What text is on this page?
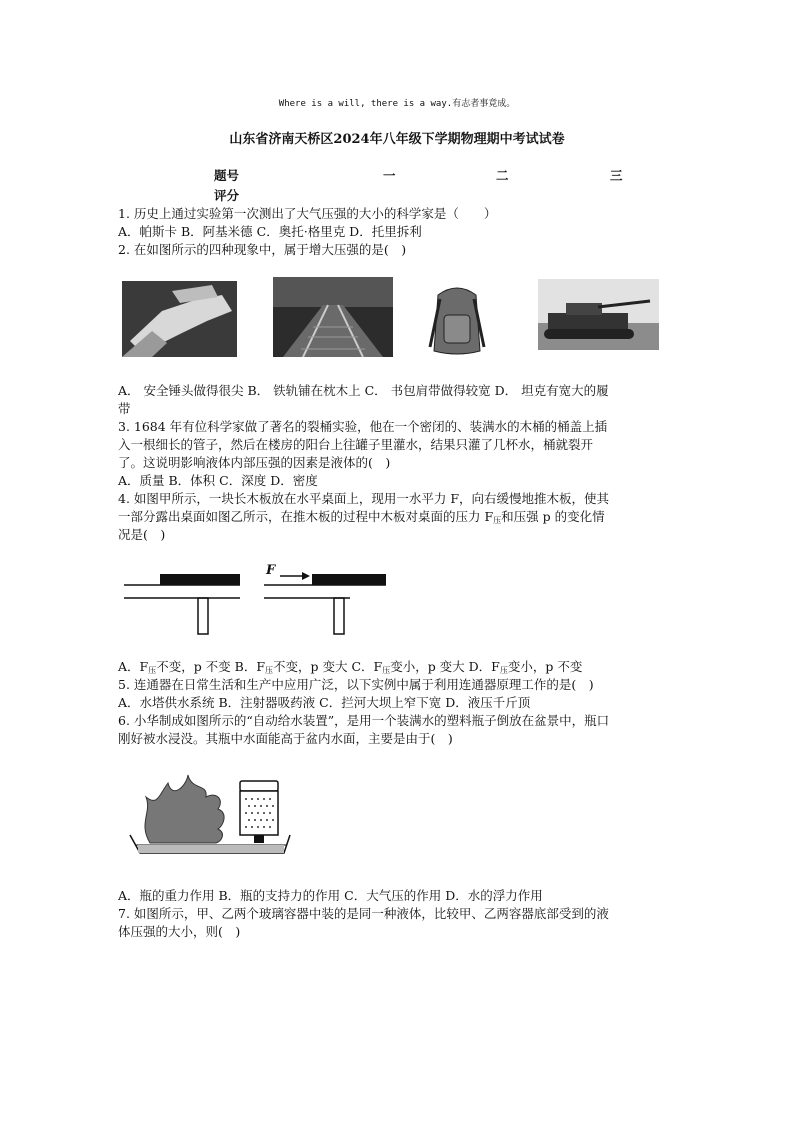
Where is a will, there is a way.有志者事竟成。
山东省济南天桥区2024年八年级下学期物理期中考试试卷
题号	一	二	三
评分
1. 历史上通过实验第一次测出了大气压强的大小的科学家是（　　）
A．帕斯卡 B．阿基米德 C．奥托·格里克 D．托里拆利
2. 在如图所示的四种现象中，属于增大压强的是(　)
A． 安全锤头做得很尖 B． 铁轨铺在枕木上 C． 书包肩带做得较宽 D． 坦克有宽大的履
带
3. 1684 年有位科学家做了著名的裂桶实验，他在一个密闭的、装满水的木桶的桶盖上插
入一根细长的管子，然后在楼房的阳台上往罐子里灌水，结果只灌了几杯水，桶就裂开
了。这说明影响液体内部压强的因素是液体的(　)
A．质量 B．体积 C．深度 D．密度
4. 如图甲所示，一块长木板放在水平桌面上，现用一水平力 F，向右缓慢地推木板，使其
一部分露出桌面如图乙所示，在推木板的过程中木板对桌面的压力 $F_压$和压强 p 的变化情
况是(　)
F
A．$F_压$不变，p 不变 B．$F_压$不变，p 变大 C．$F_压$变小，p 变大 D．$F_压$变小，p 不变
5. 连通器在日常生活和生产中应用广泛，以下实例中属于利用连通器原理工作的是(　)
A．水塔供水系统 B．注射器吸药液 C．拦河大坝上窄下宽 D．液压千斤顶
6. 小华制成如图所示的“自动给水装置”，是用一个装满水的塑料瓶子倒放在盆景中，瓶口
刚好被水浸没。其瓶中水面能高于盆内水面，主要是由于(　)
A．瓶的重力作用 B．瓶的支持力的作用 C．大气压的作用 D．水的浮力作用
7. 如图所示，甲、乙两个玻璃容器中装的是同一种液体，比较甲、乙两容器底部受到的液
体压强的大小，则(　)
